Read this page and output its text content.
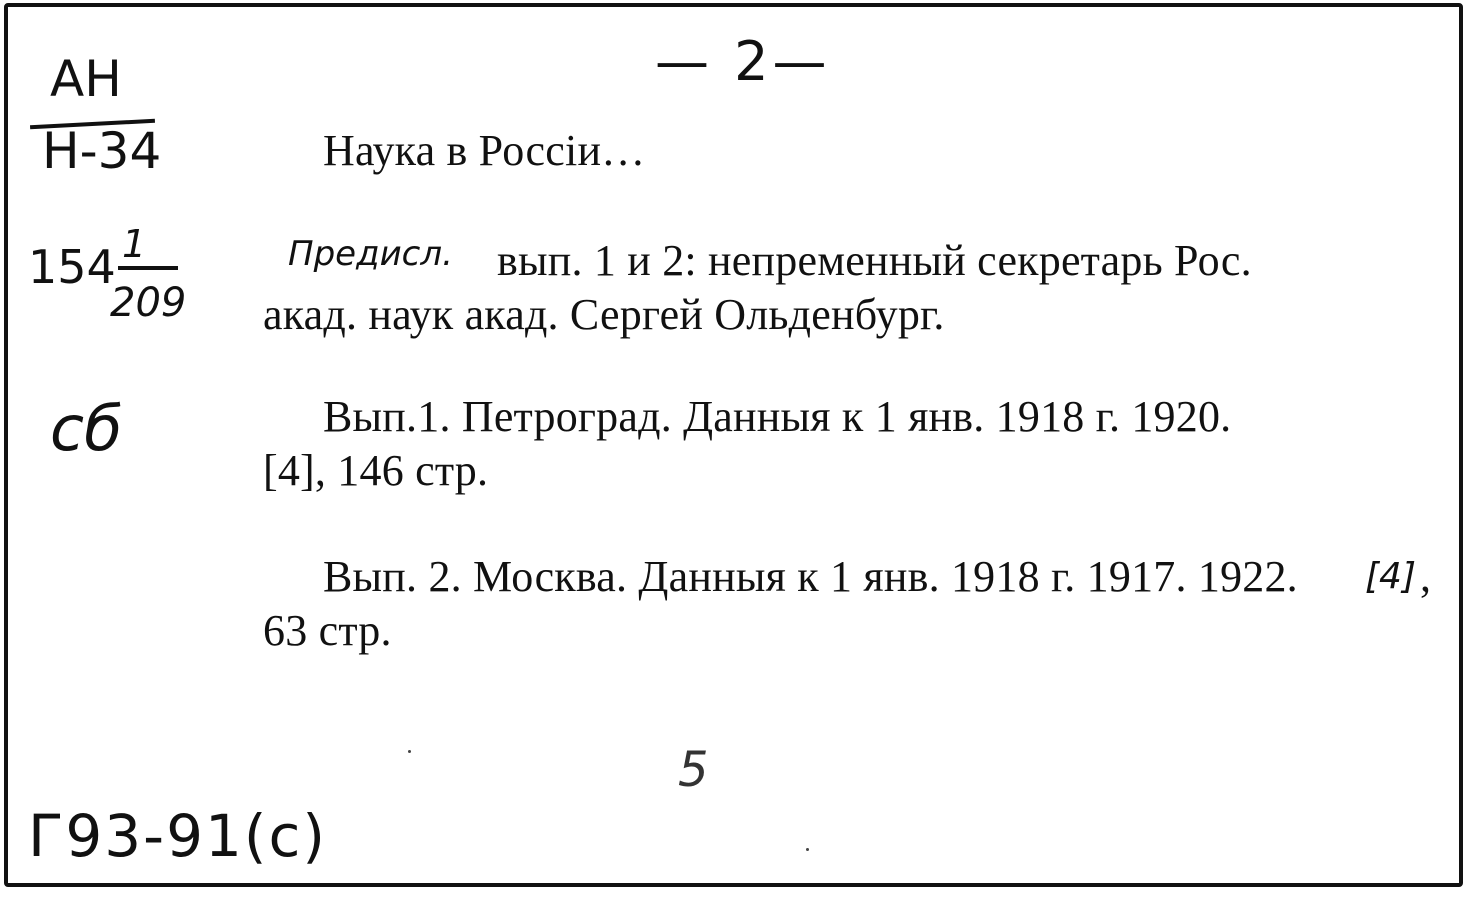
— 2—
АН
Н-34
154 1
209
сб
Наука в Россіи…
Предисл. вып. 1 и 2: непременный секретарь Рос.
акад. наук акад. Сергей Ольденбург.
Вып.1. Петроград. Данныя к 1 янв. 1918 г. 1920.
[4], 146 стр.
Вып. 2. Москва. Данныя к 1 янв. 1918 г. 1917. 1922. [4] ,
63 стр.
5
Г93-91(с)
